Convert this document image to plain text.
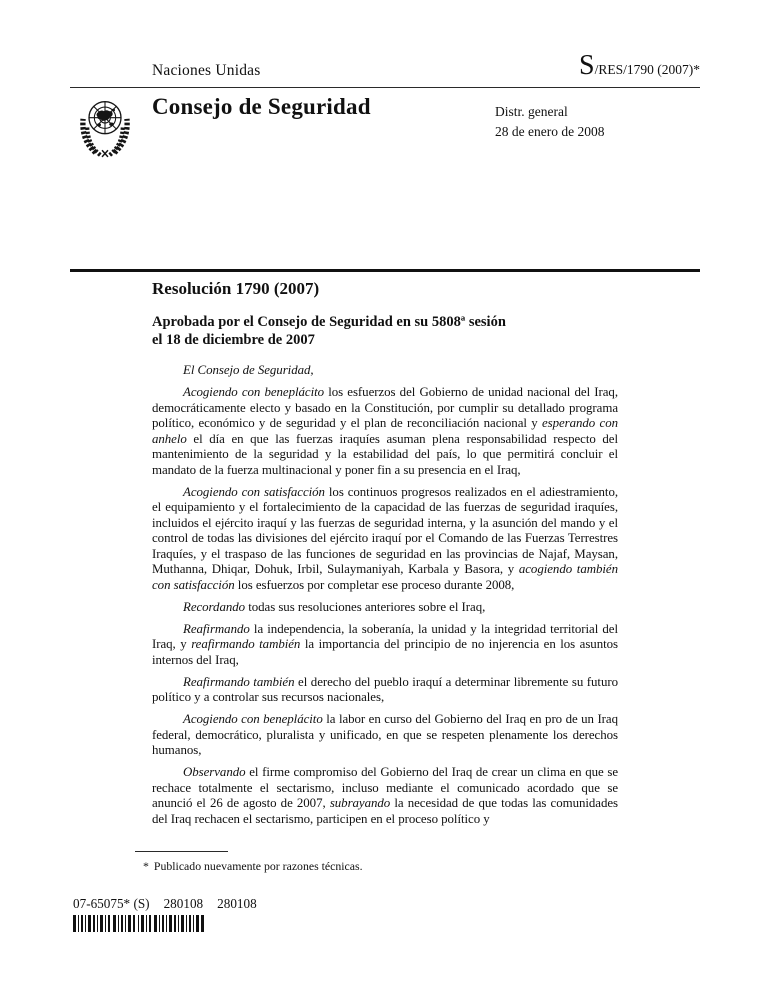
Naciones Unidas	S /RES/1790 (2007)*
Consejo de Seguridad	Distr. general
28 de enero de 2008
Resolución 1790 (2007)
Aprobada por el Consejo de Seguridad en su 5808ª sesión
el 18 de diciembre de 2007

El Consejo de Seguridad,

Acogiendo con beneplácito los esfuerzos del Gobierno de unidad nacional del Iraq, democráticamente electo y basado en la Constitución, por cumplir su detallado programa político, económico y de seguridad y el plan de reconciliación nacional y esperando con anhelo el día en que las fuerzas iraquíes asuman plena responsabilidad respecto del mantenimiento de la seguridad y la estabilidad del país, lo que permitirá concluir el mandato de la fuerza multinacional y poner fin a su presencia en el Iraq,

Acogiendo con satisfacción los continuos progresos realizados en el adiestramiento, el equipamiento y el fortalecimiento de la capacidad de las fuerzas de seguridad iraquíes, incluidos el ejército iraquí y las fuerzas de seguridad interna, y la asunción del mando y el control de todas las divisiones del ejército iraquí por el Comando de las Fuerzas Terrestres Iraquíes, y el traspaso de las funciones de seguridad en las provincias de Najaf, Maysan, Muthanna, Dhiqar, Dohuk, Irbil, Sulaymaniyah, Karbala y Basora, y acogiendo también con satisfacción los esfuerzos por completar ese proceso durante 2008,

Recordando todas sus resoluciones anteriores sobre el Iraq,

Reafirmando la independencia, la soberanía, la unidad y la integridad territorial del Iraq, y reafirmando también la importancia del principio de no injerencia en los asuntos internos del Iraq,

Reafirmando también el derecho del pueblo iraquí a determinar libremente su futuro político y a controlar sus recursos nacionales,

Acogiendo con beneplácito la labor en curso del Gobierno del Iraq en pro de un Iraq federal, democrático, pluralista y unificado, en que se respeten plenamente los derechos humanos,

Observando el firme compromiso del Gobierno del Iraq de crear un clima en que se rechace totalmente el sectarismo, incluso mediante el comunicado acordado que se anunció el 26 de agosto de 2007, subrayando la necesidad de que todas las comunidades del Iraq rechacen el sectarismo, participen en el proceso político y

* Publicado nuevamente por razones técnicas.
07-65075* (S) 280108 280108
